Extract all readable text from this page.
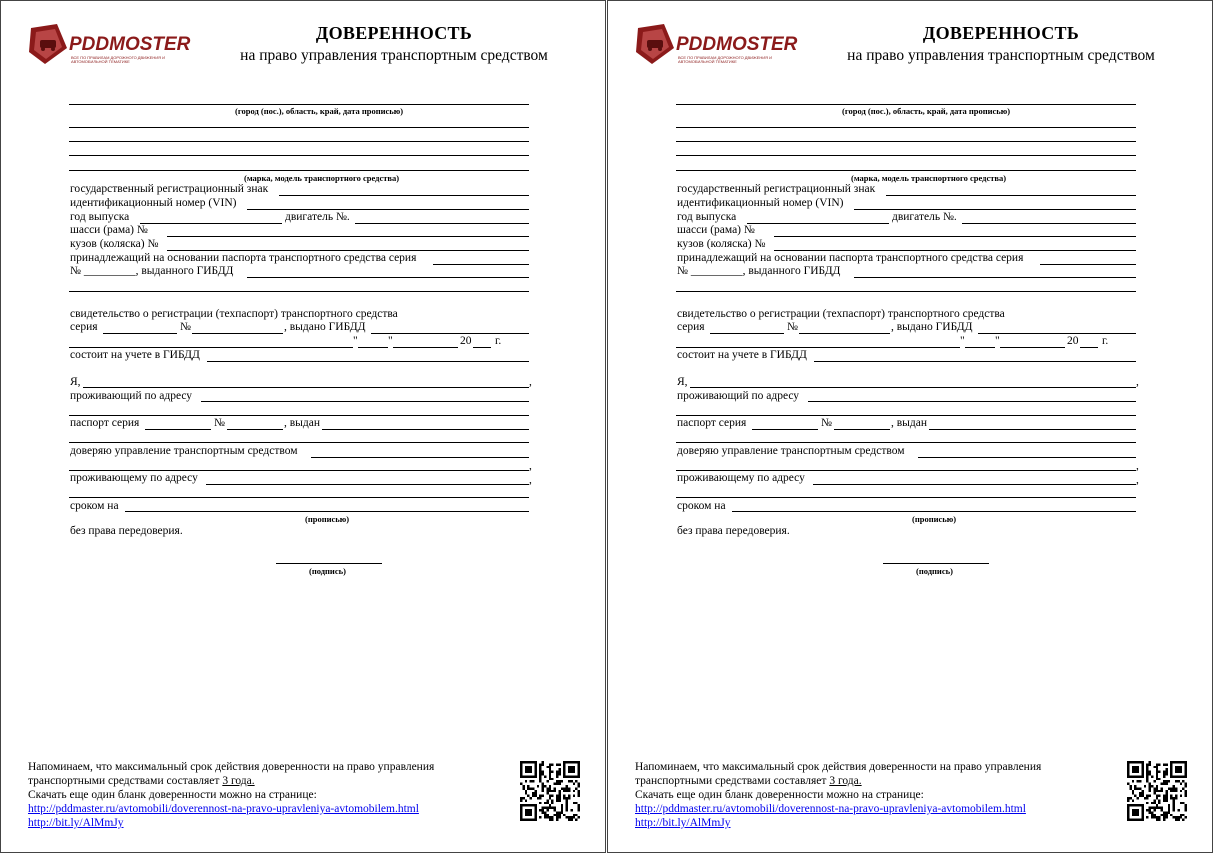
PDDMOSTER
ВСЕ ПО ПРАВИЛАМ ДОРОЖНОГО ДВИЖЕНИЯ И АВТОМОБИЛЬНОЙ ТЕМАТИКЕ
ДОВЕРЕННОСТЬ
на право управления транспортным средством
(город (пос.), область, край, дата прописью)
(марка, модель транспортного средства)
государственный регистрационный знак
идентификационный номер (VIN)
год выпуска	двигатель №.
шасси (рама) №
кузов (коляска) №
принадлежащий на основании паспорта транспортного средства серия
№ _________, выданного ГИБДД
свидетельство о регистрации (техпаспорт) транспортного средства
серия	№	, выдано ГИБДД
"	"	20 г.
состоит на учете в ГИБДД
Я,	,
проживающий по адресу
паспорт серия	№	, выдан
доверяю управление транспортным средством
,
проживающему по адресу	,
сроком на
(прописью)
без права передоверия.
(подпись)
Напоминаем, что максимальный срок действия доверенности на право управления
транспортными средствами составляет 3 года.
Скачать еще один бланк доверенности можно на странице:
http://pddmaster.ru/avtomobili/doverennost-na-pravo-upravleniya-avtomobilem.html
http://bit.ly/AlMmJy
PDDMOSTER
ВСЕ ПО ПРАВИЛАМ ДОРОЖНОГО ДВИЖЕНИЯ И АВТОМОБИЛЬНОЙ ТЕМАТИКЕ
ДОВЕРЕННОСТЬ
на право управления транспортным средством
(город (пос.), область, край, дата прописью)
(марка, модель транспортного средства)
государственный регистрационный знак
идентификационный номер (VIN)
год выпуска	двигатель №.
шасси (рама) №
кузов (коляска) №
принадлежащий на основании паспорта транспортного средства серия
№ _________, выданного ГИБДД
свидетельство о регистрации (техпаспорт) транспортного средства
серия	№	, выдано ГИБДД
"	"	20 г.
состоит на учете в ГИБДД
Я,	,
проживающий по адресу
паспорт серия	№	, выдан
доверяю управление транспортным средством
,
проживающему по адресу	,
сроком на
(прописью)
без права передоверия.
(подпись)
Напоминаем, что максимальный срок действия доверенности на право управления
транспортными средствами составляет 3 года.
Скачать еще один бланк доверенности можно на странице:
http://pddmaster.ru/avtomobili/doverennost-na-pravo-upravleniya-avtomobilem.html
http://bit.ly/AlMmJy
